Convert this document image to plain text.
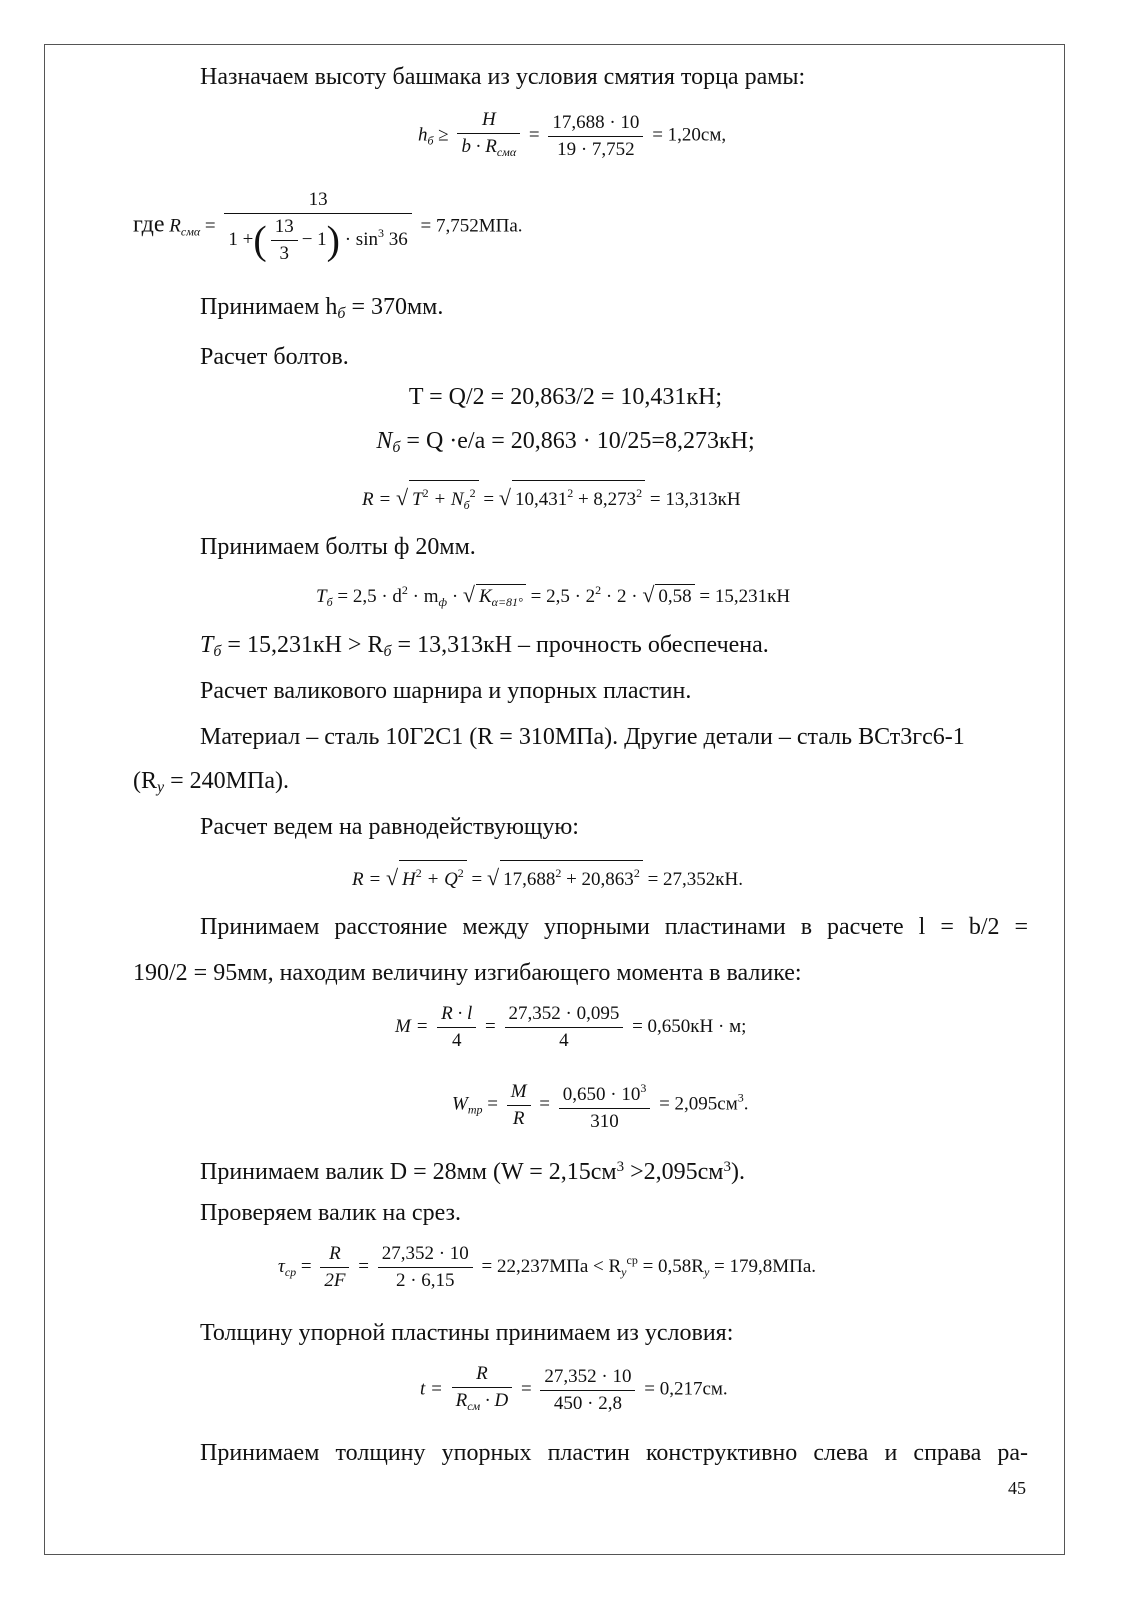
Назначаем высоту башмака из условия смятия торца рамы:
$h_б \ge \frac{H}{b \cdot R_{см\alpha}} = \frac{17,688 \cdot 10}{19 \cdot 7,752} = 1,20см$,
где $R_{см\alpha} = \frac{13}{1 +( \frac{13}{3} - 1) \cdot \sin^3 36} = 7,752МПа$.
Принимаем $h_б = 370мм$.
Расчет болтов.
T = Q/2 = 20,863/2 = 10,431кН;
$N_б = Q \cdot e/a = 20,863 \cdot 10/25=8,273кН$;
R = √ $T^2 + N_б^2$ = √ $10,431^2 + 8,273^2 = 13,313кН$
Принимаем болты ф 20мм.
$T_б = 2,5 \cdot d^2 \cdot m_ф$ · √ $K_{\alpha=81^\circ} = 2,5 \cdot 2^2 \cdot 2$ · √ 0,58 = 15,231кН
$T_б = 15,231кН > R_б = 13,313кН$ – прочность обеспечена.
Расчет валикового шарнира и упорных пластин.
Материал – сталь 10Г2С1 (R = 310МПа). Другие детали – сталь ВСт3гс6-1
$(R_y = 240МПа)$.
Расчет ведем на равнодействующую:
R = √ $H^2 + Q^2$ = √ $17,688^2 + 20,863^2 = 27,352кН$.
Принимаем расстояние между упорными пластинами в расчете l = b/2 =
190/2 = 95мм, находим величину изгибающего момента в валике:
$M = \frac{R \cdot l}{4} = \frac{27,352 \cdot 0,095}{4} = 0,650кН \cdot м$;
$W_{тр} = \frac{M}{R} = \frac{0,650 \cdot 10^3}{310} = 2,095см^3$.
Принимаем валик D = 28мм $(W = 2,15см^3 >2,095см^3)$.
Проверяем валик на срез.
$\tau_{ср} = \frac{R}{2F} = \frac{27,352 \cdot 10}{2 \cdot 6,15} = 22,237МПа < R_y^{ср} = 0,58R_y = 179,8МПа$.
Толщину упорной пластины принимаем из условия:
$t = \frac{R}{R_{см} \cdot D} = \frac{27,352 \cdot 10}{450 \cdot 2,8} = 0,217см$.
Принимаем толщину упорных пластин конструктивно слева и справа ра-
45
